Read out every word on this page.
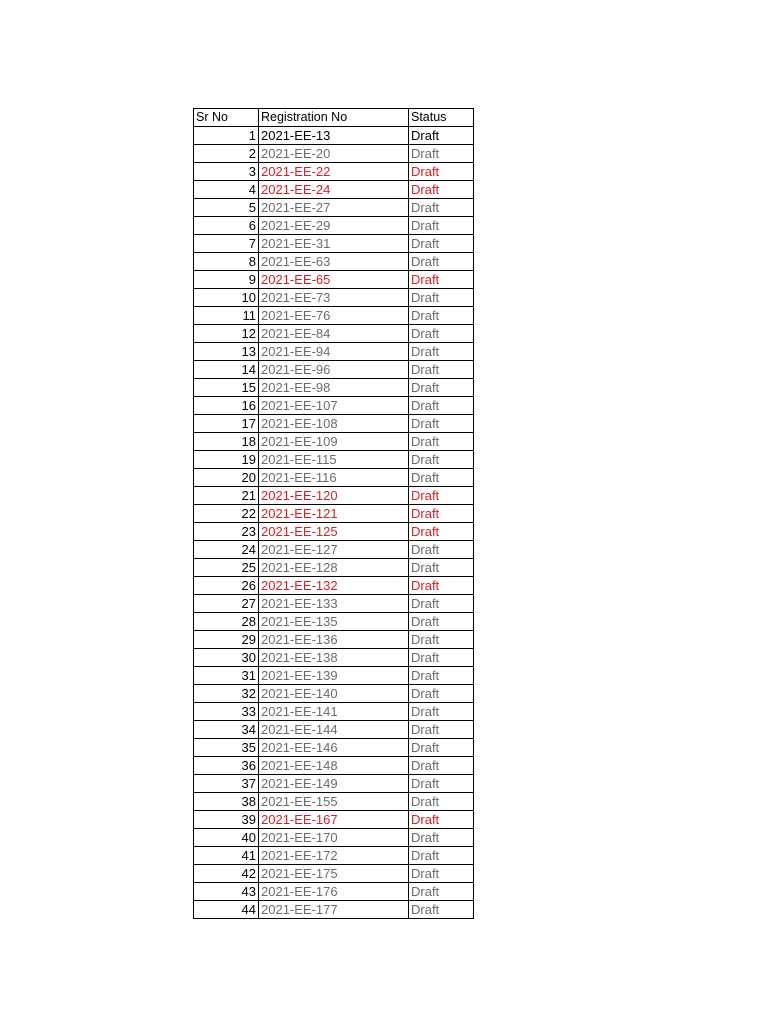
Sr No	Registration No	Status
1	2021-EE-13	Draft
2	2021-EE-20	Draft
3	2021-EE-22	Draft
4	2021-EE-24	Draft
5	2021-EE-27	Draft
6	2021-EE-29	Draft
7	2021-EE-31	Draft
8	2021-EE-63	Draft
9	2021-EE-65	Draft
10	2021-EE-73	Draft
11	2021-EE-76	Draft
12	2021-EE-84	Draft
13	2021-EE-94	Draft
14	2021-EE-96	Draft
15	2021-EE-98	Draft
16	2021-EE-107	Draft
17	2021-EE-108	Draft
18	2021-EE-109	Draft
19	2021-EE-115	Draft
20	2021-EE-116	Draft
21	2021-EE-120	Draft
22	2021-EE-121	Draft
23	2021-EE-125	Draft
24	2021-EE-127	Draft
25	2021-EE-128	Draft
26	2021-EE-132	Draft
27	2021-EE-133	Draft
28	2021-EE-135	Draft
29	2021-EE-136	Draft
30	2021-EE-138	Draft
31	2021-EE-139	Draft
32	2021-EE-140	Draft
33	2021-EE-141	Draft
34	2021-EE-144	Draft
35	2021-EE-146	Draft
36	2021-EE-148	Draft
37	2021-EE-149	Draft
38	2021-EE-155	Draft
39	2021-EE-167	Draft
40	2021-EE-170	Draft
41	2021-EE-172	Draft
42	2021-EE-175	Draft
43	2021-EE-176	Draft
44	2021-EE-177	Draft
